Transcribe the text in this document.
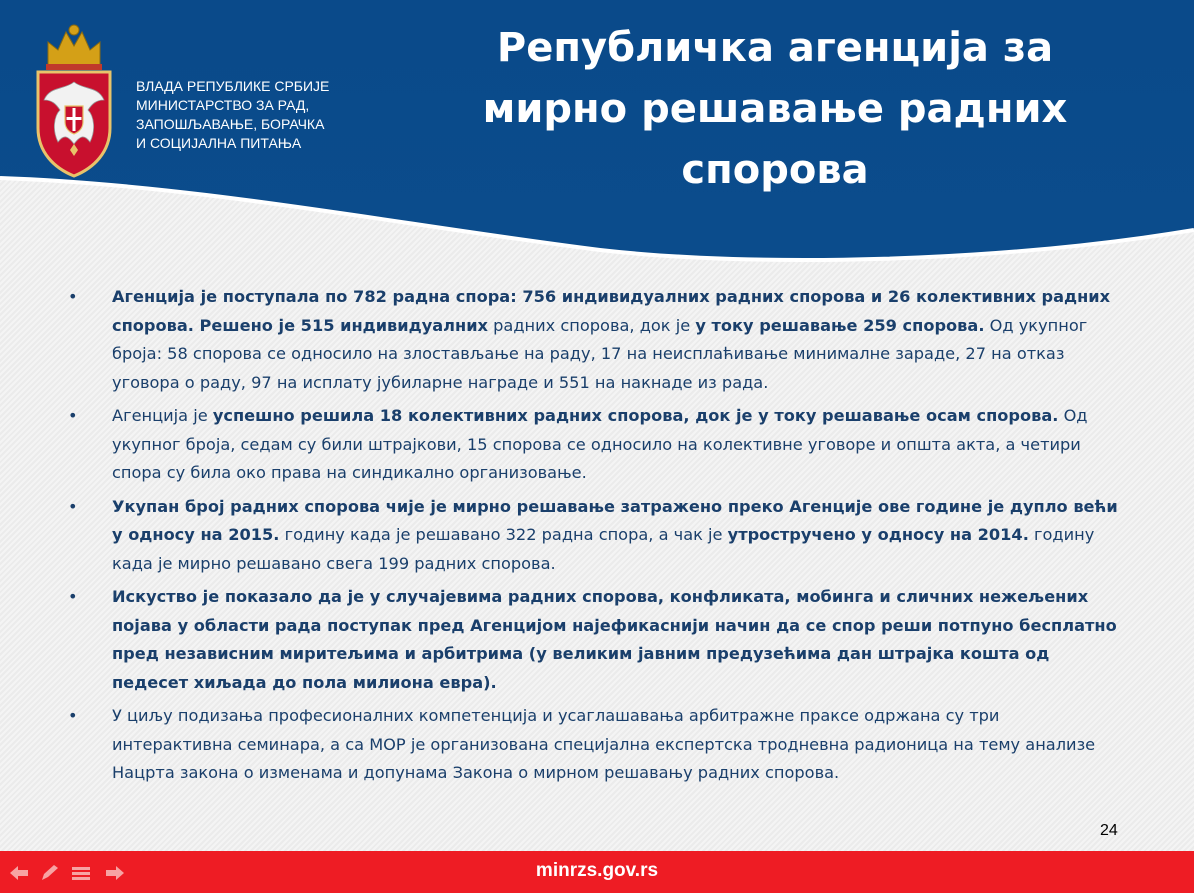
ВЛАДА РЕПУБЛИКЕ СРБИЈЕ
МИНИСТАРСТВО ЗА РАД,
ЗАПОШЉАВАЊЕ, БОРАЧКА
И СОЦИЈАЛНА ПИТАЊА
Републичка агенција за
мирно решавање радних
спорова
•	Агенција је поступала по 782 радна спора: 756 индивидуалних радних спорова и 26 колективних радних спорова. Решено је 515 индивидуалних радних спорова, док је у току решавање 259 спорова. Од укупног броја: 58 спорова се односило на злостављање на раду, 17 на неисплаћивање минималне зараде, 27 на отказ уговора о раду, 97 на исплату јубиларне награде и 551 на накнаде из рада.

•	Агенција је успешно решила 18 колективних радних спорова, док је у току решавање осам спорова. Од укупног броја, седам су били штрајкови, 15 спорова се односило на колективне уговоре и општа акта, а четири спора су била око права на синдикално организовање.

•	Укупан број радних спорова чије је мирно решавање затражено преко Агенције ове године је дупло већи у односу на 2015. годину када је решавано 322 радна спора, а чак је утростручено у односу на 2014. годину када је мирно решавано свега 199 радних спорова.

•	Искуство је показало да је у случајевима радних спорова, конфликата, мобинга и сличних нежељених појава у области рада поступак пред Агенцијом најефикаснији начин да се спор реши потпуно бесплатно пред независним миритељима и арбитрима (у великим јавним предузећима дан штрајка кошта од педесет хиљада до пола милиона евра).

•	У циљу подизања професионалних компетенција и усаглашавања арбитражне праксе одржана су три интерактивна семинара, а са МОР је организована специјална експертска тродневна радионица на тему анализе Нацрта закона о изменама и допунама Закона о мирном решавању радних спорова.

24
minrzs.gov.rs
